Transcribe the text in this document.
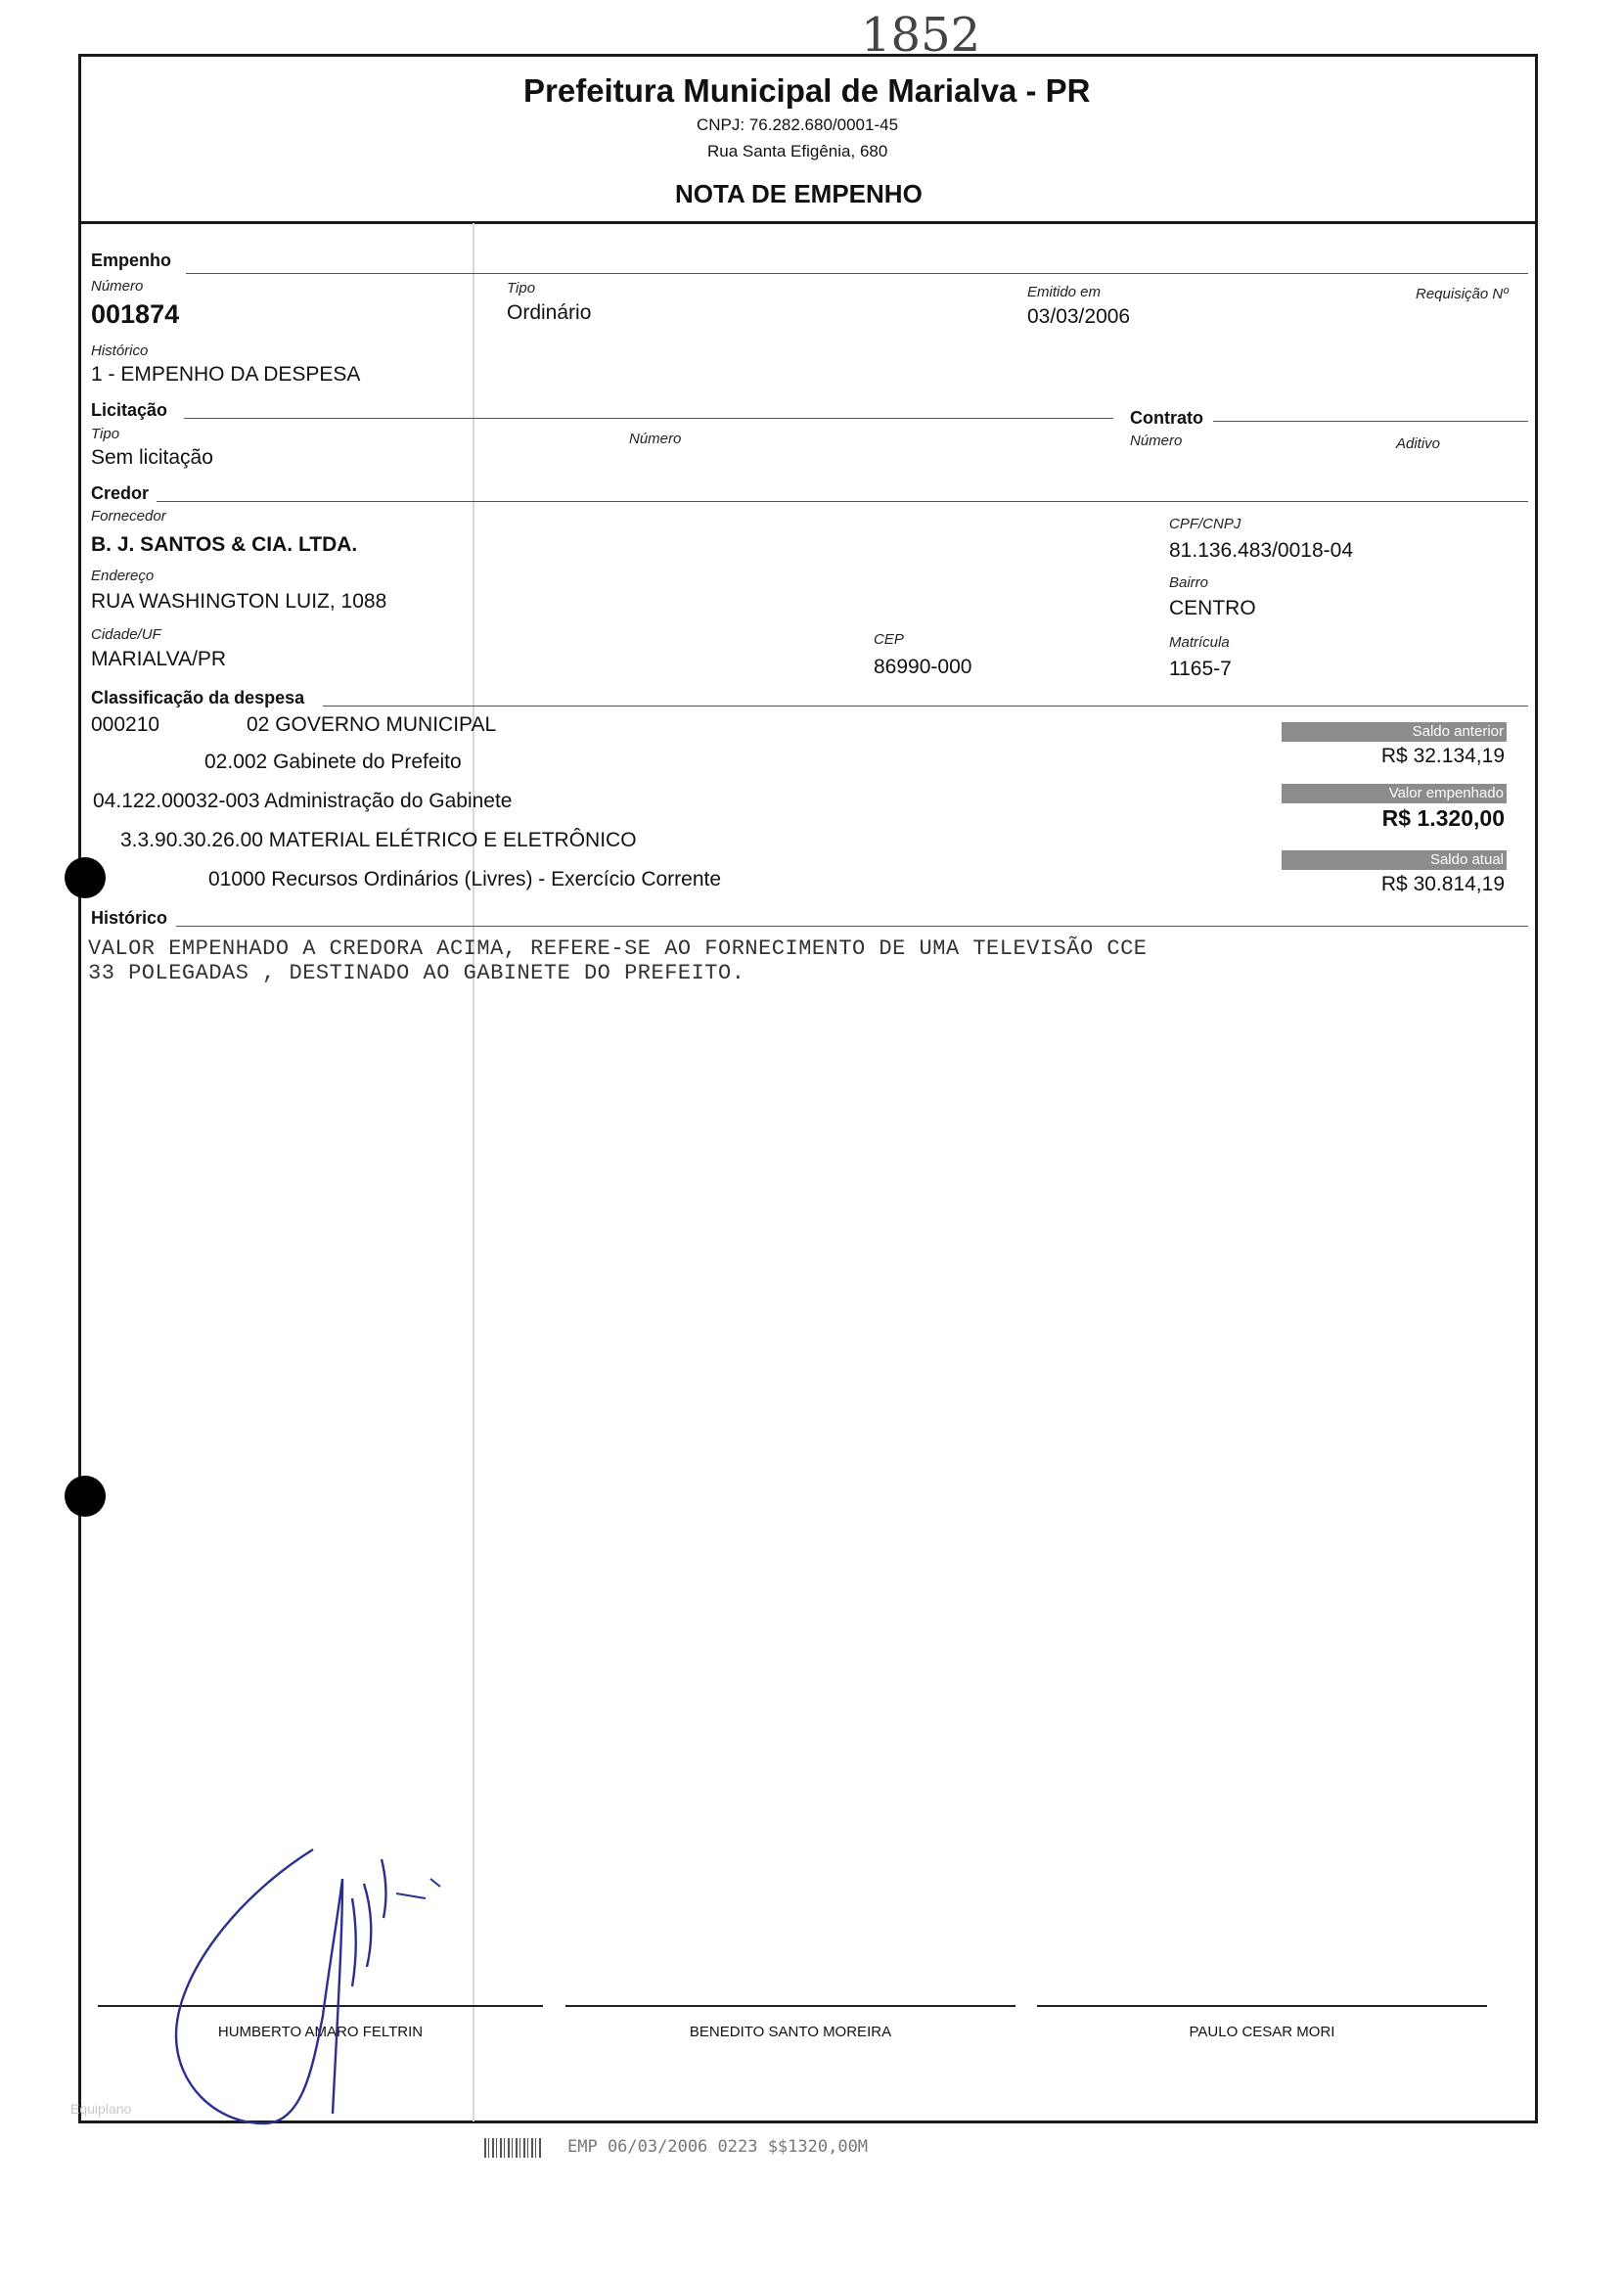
1852
Prefeitura Municipal de Marialva - PR
CNPJ: 76.282.680/0001-45
Rua Santa Efigênia, 680
NOTA DE EMPENHO
Empenho
Número
001874
Tipo
Ordinário
Emitido em
03/03/2006
Requisição Nº
Histórico
1 - EMPENHO DA DESPESA
Licitação
Tipo
Sem licitação
Número
Contrato
Número	Aditivo
Credor
Fornecedor
B. J. SANTOS & CIA. LTDA.
CPF/CNPJ
81.136.483/0018-04
Endereço
RUA WASHINGTON LUIZ, 1088
Bairro
CENTRO
Cidade/UF
MARIALVA/PR
CEP
86990-000
Matrícula
1165-7
Classificação da despesa
000210	02 GOVERNO MUNICIPAL
02.002 Gabinete do Prefeito
04.122.00032-003 Administração do Gabinete
3.3.90.30.26.00 MATERIAL ELÉTRICO E ELETRÔNICO
01000 Recursos Ordinários (Livres) - Exercício Corrente
Saldo anterior
R$ 32.134,19
Valor empenhado
R$ 1.320,00
Saldo atual
R$ 30.814,19
Histórico
VALOR EMPENHADO A CREDORA ACIMA, REFERE-SE AO FORNECIMENTO DE UMA TELEVISÃO CCE
33 POLEGADAS , DESTINADO AO GABINETE DO PREFEITO.
HUMBERTO AMARO FELTRIN	BENEDITO SANTO MOREIRA	PAULO CESAR MORI
Equiplano
EMP 06/03/2006 0223 $$1320,00M
